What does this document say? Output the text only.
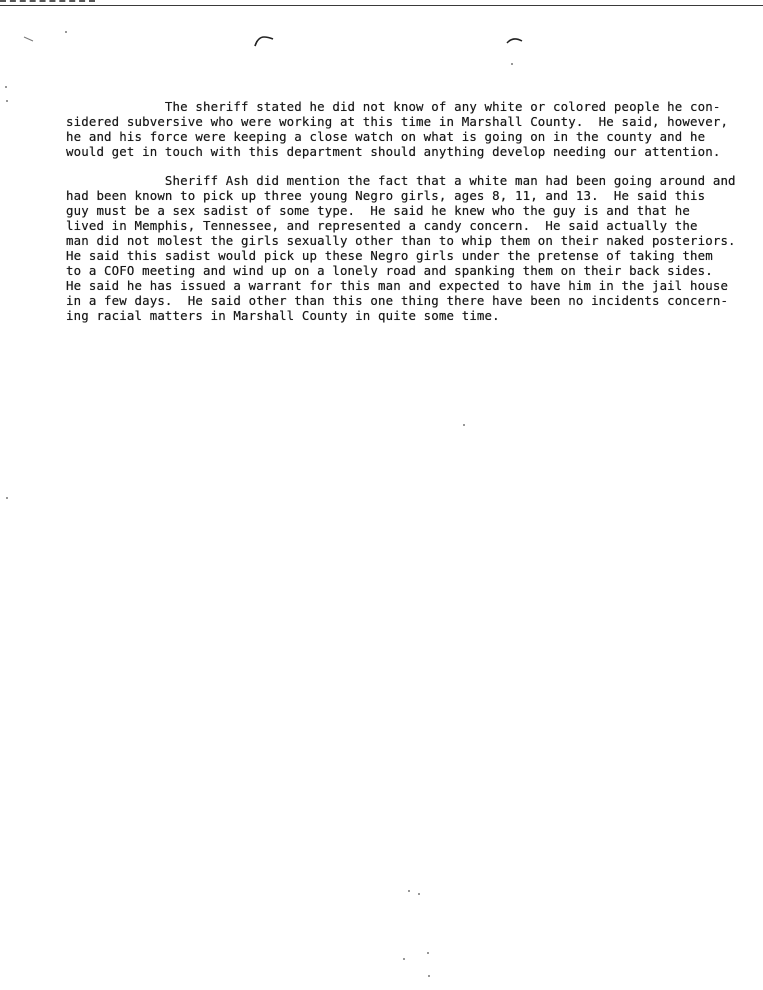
The sheriff stated he did not know of any white or colored people he con-
sidered subversive who were working at this time in Marshall County.  He said, however,
he and his force were keeping a close watch on what is going on in the county and he
would get in touch with this department should anything develop needing our attention.

Sheriff Ash did mention the fact that a white man had been going around and
had been known to pick up three young Negro girls, ages 8, 11, and 13.  He said this
guy must be a sex sadist of some type.  He said he knew who the guy is and that he
lived in Memphis, Tennessee, and represented a candy concern.  He said actually the
man did not molest the girls sexually other than to whip them on their naked posteriors.
He said this sadist would pick up these Negro girls under the pretense of taking them
to a COFO meeting and wind up on a lonely road and spanking them on their back sides.
He said he has issued a warrant for this man and expected to have him in the jail house
in a few days.  He said other than this one thing there have been no incidents concern-
ing racial matters in Marshall County in quite some time.
